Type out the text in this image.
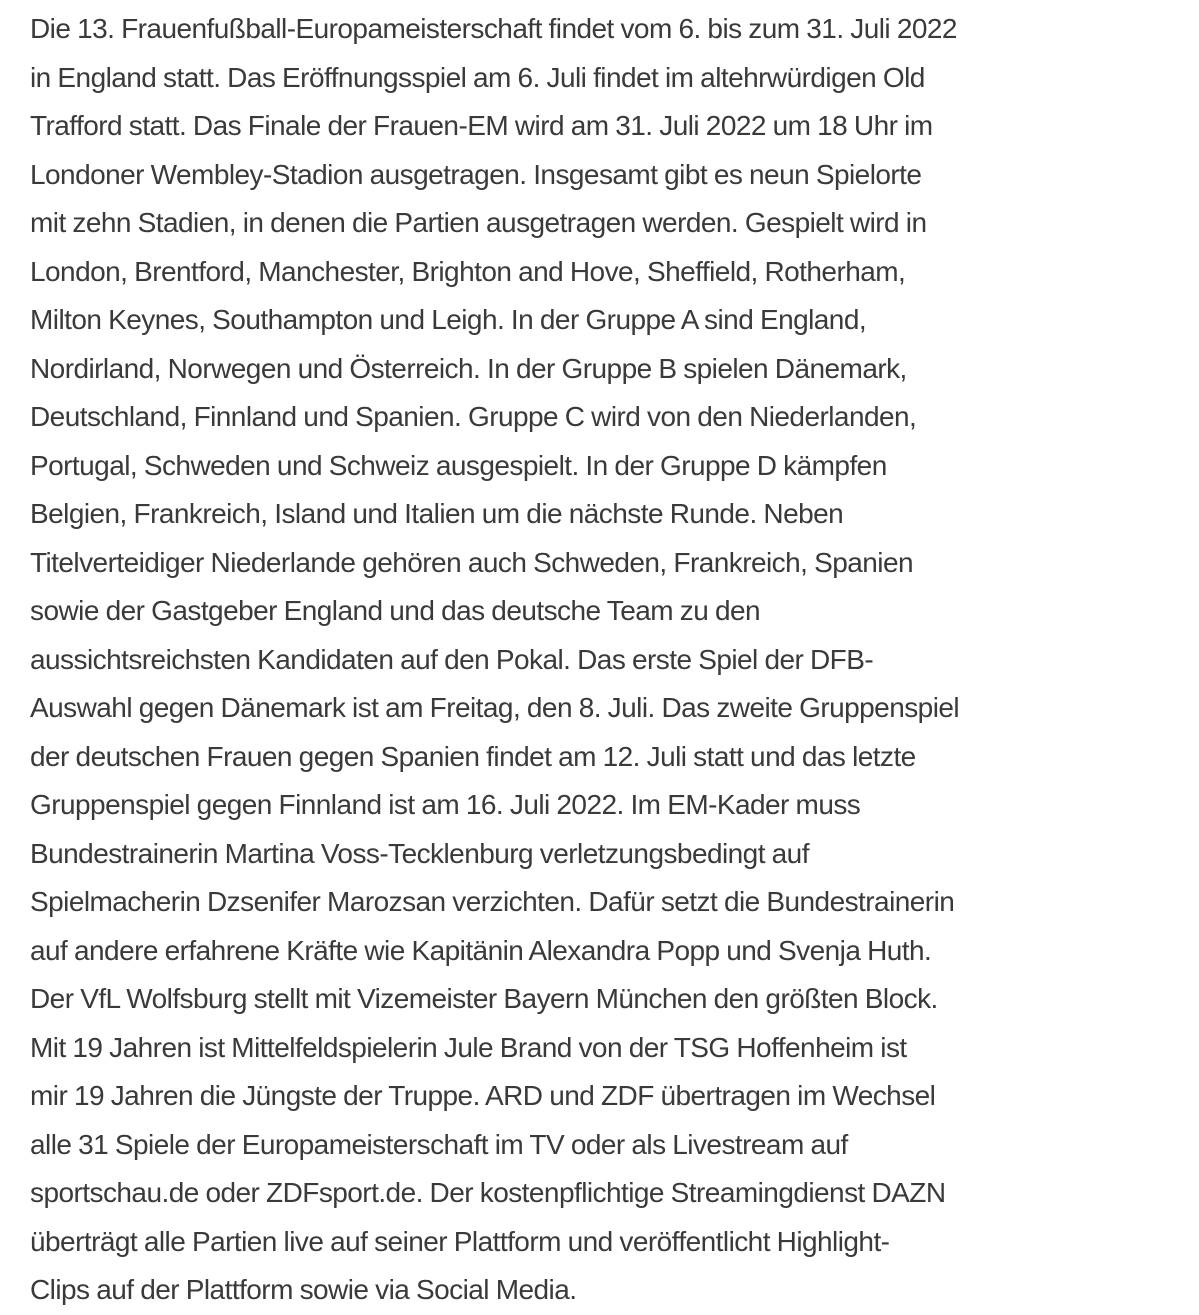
Die 13. Frauenfußball-Europameisterschaft findet vom 6. bis zum 31. Juli 2022
in England statt. Das Eröffnungsspiel am 6. Juli findet im altehrwürdigen Old
Trafford statt. Das Finale der Frauen-EM wird am 31. Juli 2022 um 18 Uhr im
Londoner Wembley-Stadion ausgetragen. Insgesamt gibt es neun Spielorte
mit zehn Stadien, in denen die Partien ausgetragen werden. Gespielt wird in
London, Brentford, Manchester, Brighton and Hove, Sheffield, Rotherham,
Milton Keynes, Southampton und Leigh. In der Gruppe A sind England,
Nordirland, Norwegen und Österreich. In der Gruppe B spielen Dänemark,
Deutschland, Finnland und Spanien. Gruppe C wird von den Niederlanden,
Portugal, Schweden und Schweiz ausgespielt. In der Gruppe D kämpfen
Belgien, Frankreich, Island und Italien um die nächste Runde. Neben
Titelverteidiger Niederlande gehören auch Schweden, Frankreich, Spanien
sowie der Gastgeber England und das deutsche Team zu den
aussichtsreichsten Kandidaten auf den Pokal. Das erste Spiel der DFB-
Auswahl gegen Dänemark ist am Freitag, den 8. Juli. Das zweite Gruppenspiel
der deutschen Frauen gegen Spanien findet am 12. Juli statt und das letzte
Gruppenspiel gegen Finnland ist am 16. Juli 2022. Im EM-Kader muss
Bundestrainerin Martina Voss-Tecklenburg verletzungsbedingt auf
Spielmacherin Dzsenifer Marozsan verzichten. Dafür setzt die Bundestrainerin
auf andere erfahrene Kräfte wie Kapitänin Alexandra Popp und Svenja Huth.
Der VfL Wolfsburg stellt mit Vizemeister Bayern München den größten Block.
Mit 19 Jahren ist Mittelfeldspielerin Jule Brand von der TSG Hoffenheim ist
mir 19 Jahren die Jüngste der Truppe. ARD und ZDF übertragen im Wechsel
alle 31 Spiele der Europameisterschaft im TV oder als Livestream auf
sportschau.de oder ZDFsport.de. Der kostenpflichtige Streamingdienst DAZN
überträgt alle Partien live auf seiner Plattform und veröffentlicht Highlight-
Clips auf der Plattform sowie via Social Media.
